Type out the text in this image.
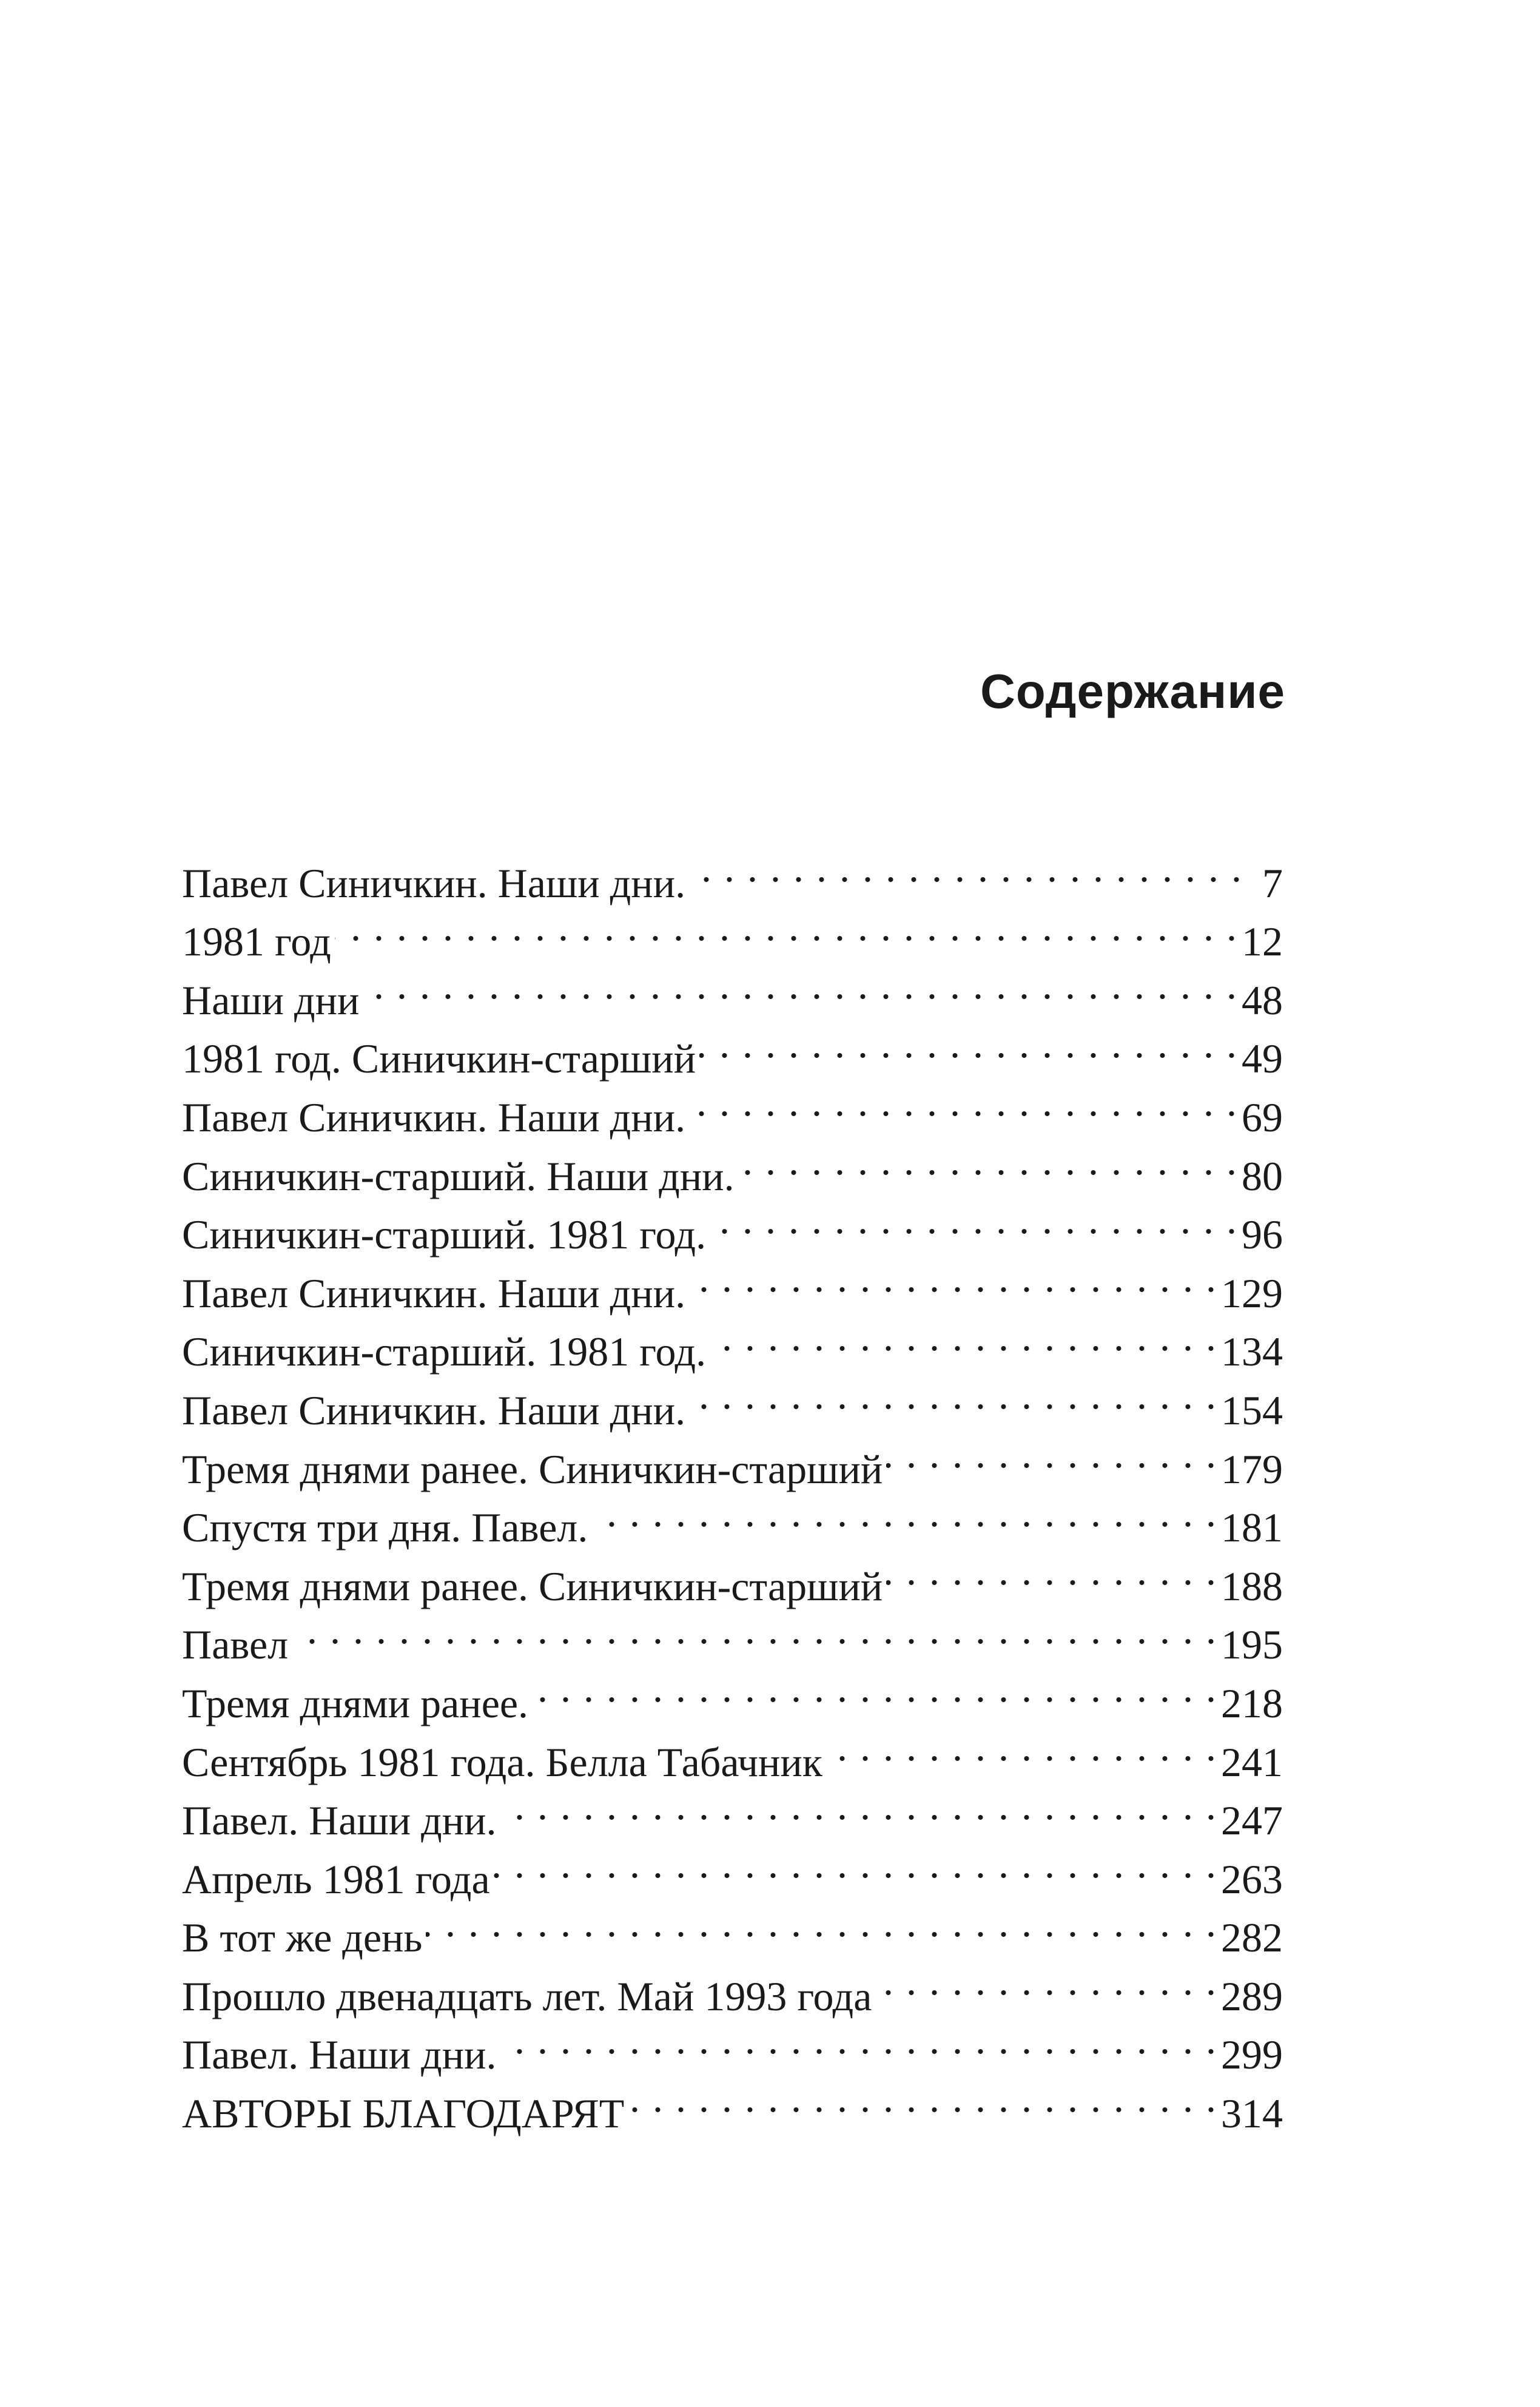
Содержание
Павел Синичкин. Наши дни. . . .	7
1981 год . . .	12
Наши дни . . .	48
1981 год. Синичкин-старший . . .	49
Павел Синичкин. Наши дни. . . .	69
Синичкин-старший. Наши дни. . . .	80
Синичкин-старший. 1981 год. . . .	96
Павел Синичкин. Наши дни. . . .	129
Синичкин-старший. 1981 год. . . .	134
Павел Синичкин. Наши дни. . . .	154
Тремя днями ранее. Синичкин-старший . . .	179
Спустя три дня. Павел. . . .	181
Тремя днями ранее. Синичкин-старший . . .	188
Павел . . .	195
Тремя днями ранее. . . .	218
Сентябрь 1981 года. Белла Табачник . . .	241
Павел. Наши дни. . . .	247
Апрель 1981 года . . .	263
В тот же день . . .	282
Прошло двенадцать лет. Май 1993 года . . .	289
Павел. Наши дни. . . .	299
АВТОРЫ БЛАГОДАРЯТ . . .	314
